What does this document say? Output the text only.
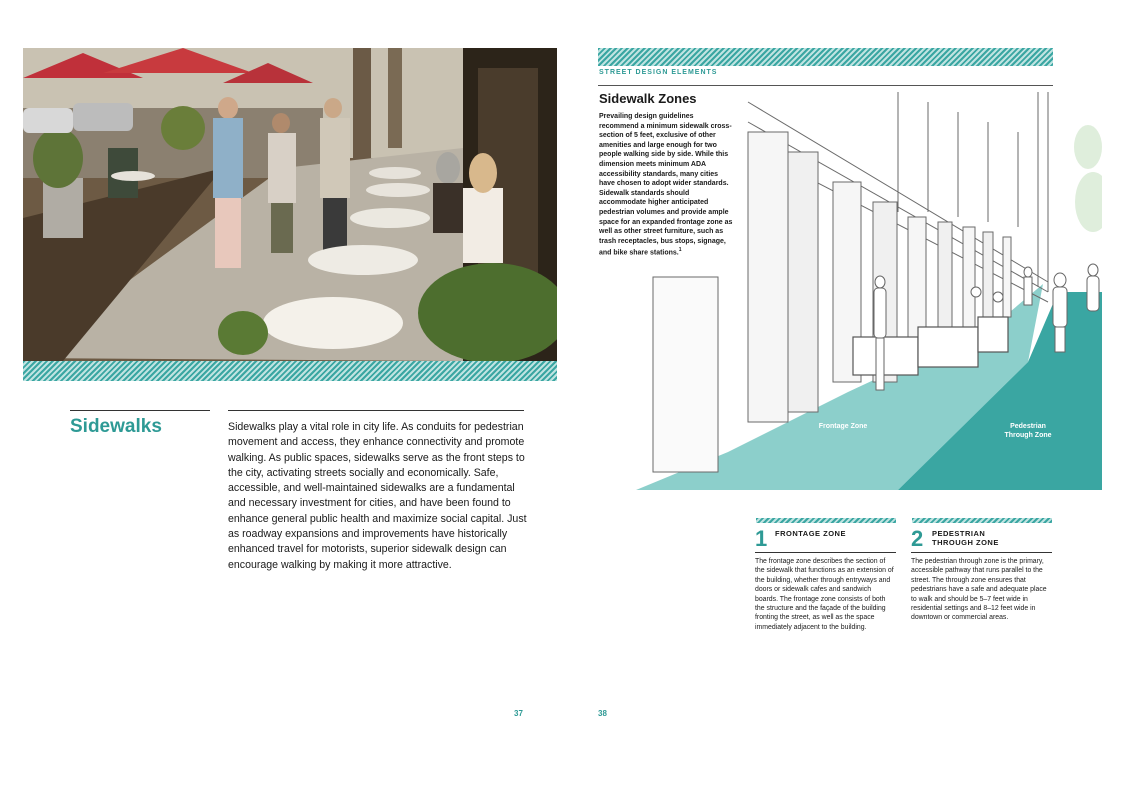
Sidewalks	Sidewalks play a vital role in city life. As conduits for pedestrian movement and access, they enhance connectivity and promote walking. As public spaces, sidewalks serve as the front steps to the city, activating streets socially and economically. Safe, accessible, and well-maintained sidewalks are a fundamental and necessary investment for cities, and have been found to enhance general public health and maximize social capital. Just as roadway expansions and improvements have historically enhanced travel for motorists, superior sidewalk design can encourage walking by making it more attractive.
37
STREET DESIGN ELEMENTS
Frontage Zone	Pedestrian
Through Zone
Sidewalk Zones
Prevailing design guidelines recommend a minimum sidewalk cross-section of 5 feet, exclusive of other amenities and large enough for two people walking side by side. While this dimension meets minimum ADA accessibility standards, many cities have chosen to adopt wider standards. Sidewalk standards should accommodate higher anticipated pedestrian volumes and provide ample space for an expanded frontage zone as well as other street furniture, such as trash receptacles, bus stops, signage, and bike share stations.$^1$
1 FRONTAGE ZONE
The frontage zone describes the section of the sidewalk that functions as an extension of the building, whether through entryways and doors or sidewalk cafes and sandwich boards. The frontage zone consists of both the structure and the façade of the building fronting the street, as well as the space immediately adjacent to the building.
2 PEDESTRIAN
THROUGH ZONE
The pedestrian through zone is the primary, accessible pathway that runs parallel to the street. The through zone ensures that pedestrians have a safe and adequate place to walk and should be 5–7 feet wide in residential settings and 8–12 feet wide in downtown or commercial areas.
38
